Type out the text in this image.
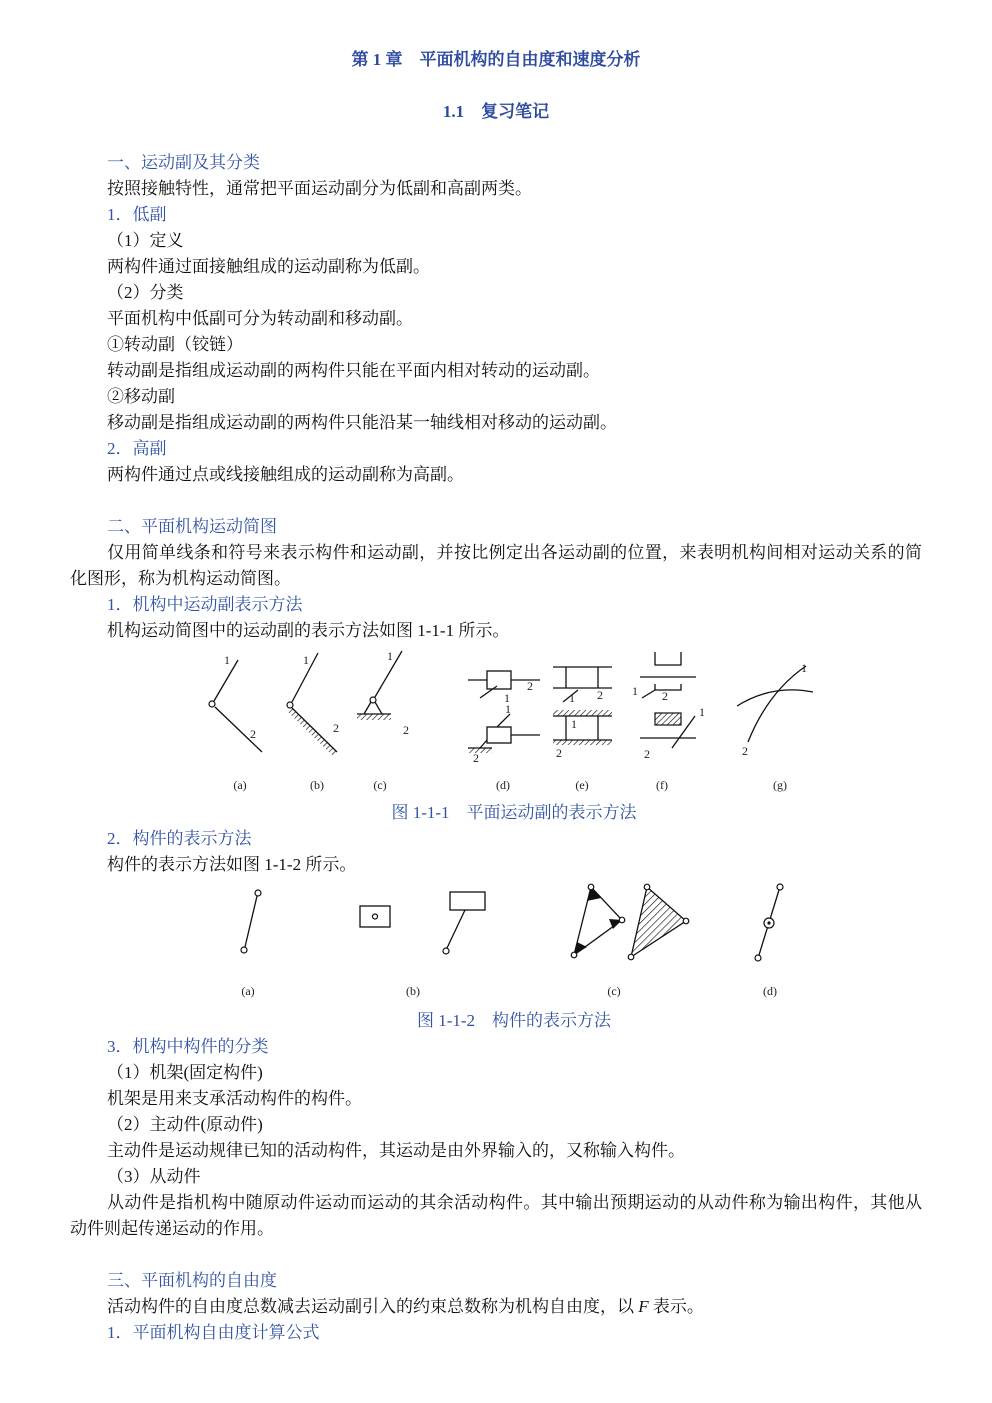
第 1 章　平面机构的自由度和速度分析
1.1　复习笔记
一、运动副及其分类
按照接触特性，通常把平面运动副分为低副和高副两类。
1．低副
（1）定义
两构件通过面接触组成的运动副称为低副。
（2）分类
平面机构中低副可分为转动副和移动副。
①转动副（铰链）
转动副是指组成运动副的两构件只能在平面内相对转动的运动副。
②移动副
移动副是指组成运动副的两构件只能沿某一轴线相对移动的运动副。
2．高副
两构件通过点或线接触组成的运动副称为高副。
二、平面机构运动简图
仅用简单线条和符号来表示构件和运动副，并按比例定出各运动副的位置，来表明机构间相对运动关系的简化图形，称为机构运动简图。
1．机构中运动副表示方法
机构运动简图中的运动副的表示方法如图 1-1-1 所示。
1
2
(a)
1
2
(b)
1
2
(c)
1
2
1
2
(d)
1 2
1
2
(e)
1 2
1
2
(f)
1
2
(g)
图 1-1-1　平面运动副的表示方法
2．构件的表示方法
构件的表示方法如图 1-1-2 所示。
(a)	(b)	(c)	(d)
图 1-1-2　构件的表示方法
3．机构中构件的分类
（1）机架(固定构件)
机架是用来支承活动构件的构件。
（2）主动件(原动件)
主动件是运动规律已知的活动构件，其运动是由外界输入的，又称输入构件。
（3）从动件
从动件是指机构中随原动件运动而运动的其余活动构件。其中输出预期运动的从动件称为输出构件，其他从动件则起传递运动的作用。
三、平面机构的自由度
活动构件的自由度总数减去运动副引入的约束总数称为机构自由度，以 F 表示。
1．平面机构自由度计算公式
